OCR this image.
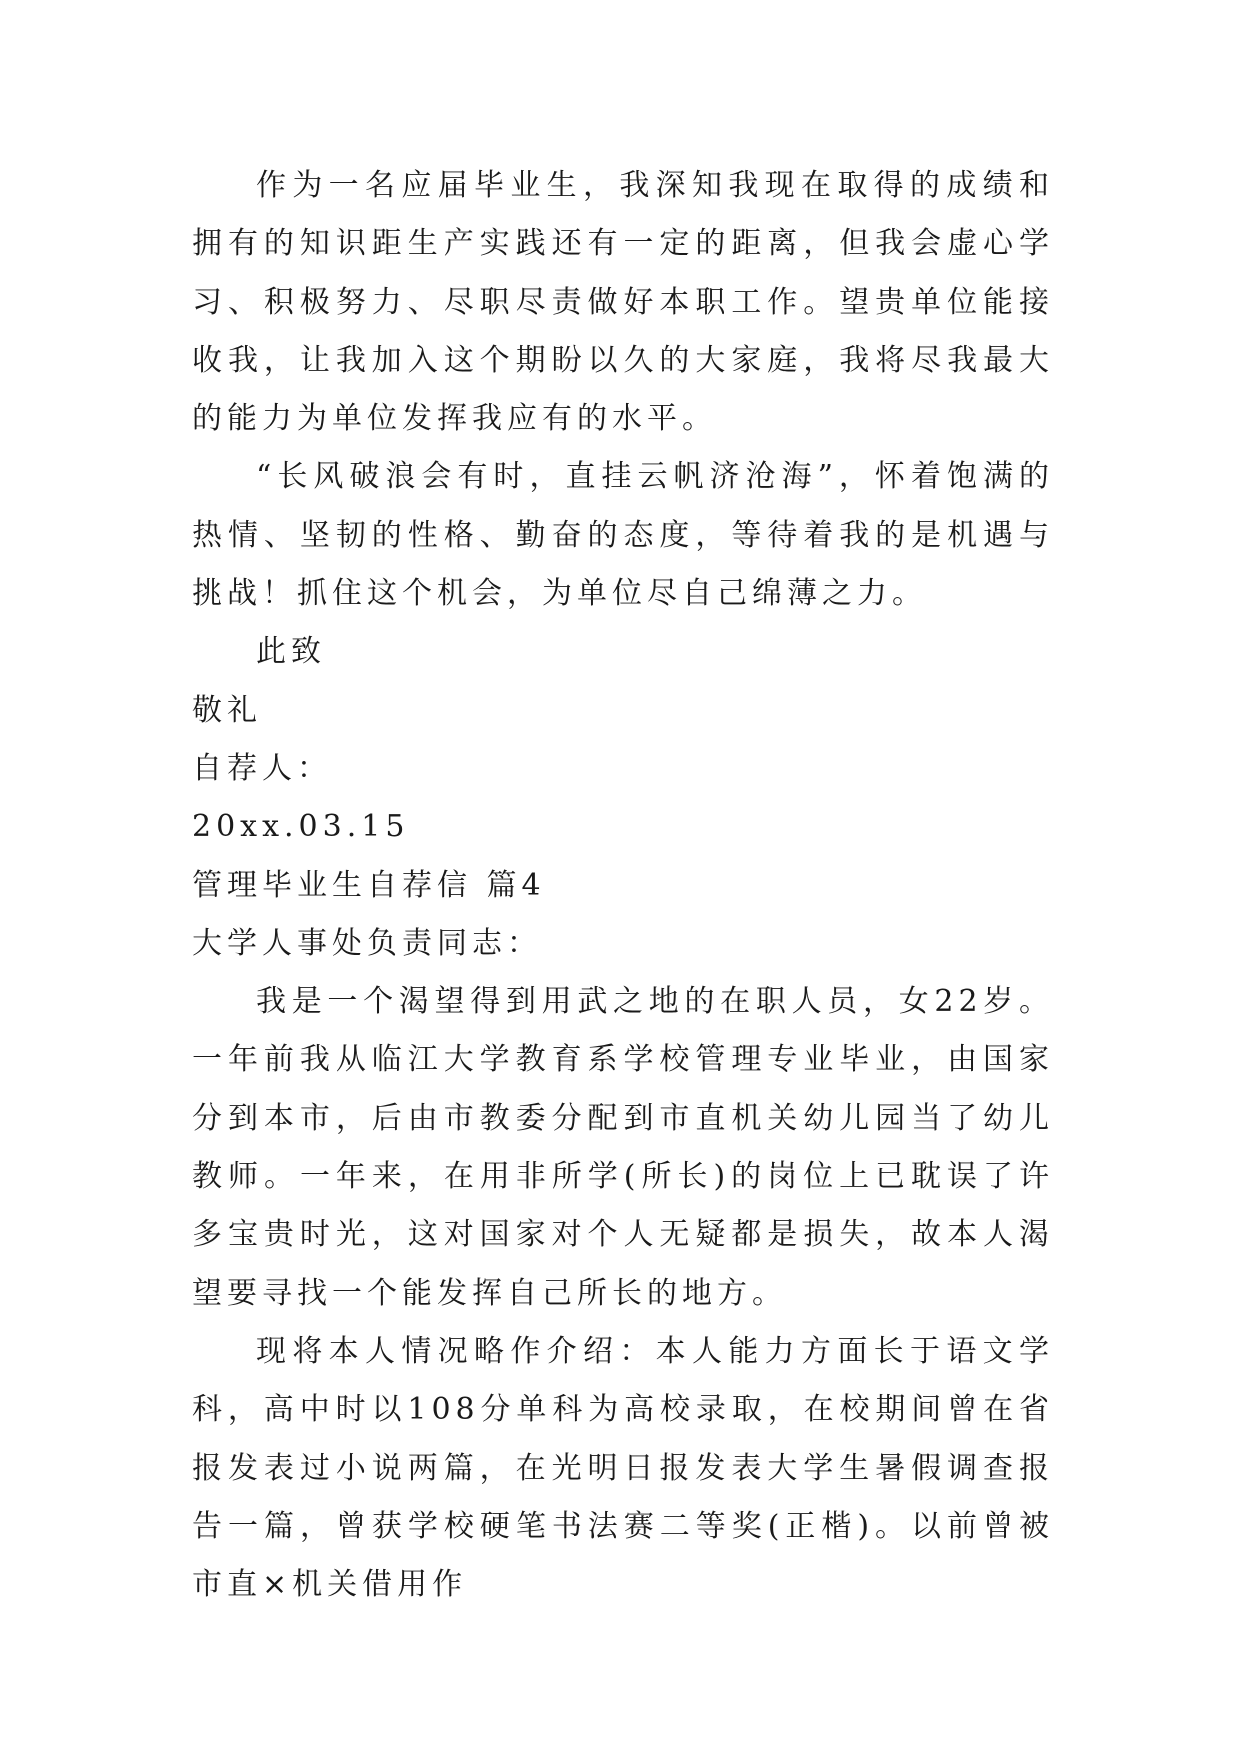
作为一名应届毕业生，我深知我现在取得的成绩和拥有的知识距生产实践还有一定的距离，但我会虚心学习、积极努力、尽职尽责做好本职工作。望贵单位能接收我，让我加入这个期盼以久的大家庭，我将尽我最大的能力为单位发挥我应有的水平。

“长风破浪会有时，直挂云帆济沧海”，怀着饱满的热情、坚韧的性格、勤奋的态度，等待着我的是机遇与挑战！抓住这个机会，为单位尽自己绵薄之力。

此致

敬礼

自荐人：

20xx.03.15

管理毕业生自荐信 篇4

大学人事处负责同志：

我是一个渴望得到用武之地的在职人员，女22岁。一年前我从临江大学教育系学校管理专业毕业，由国家分到本市，后由市教委分配到市直机关幼儿园当了幼儿教师。一年来，在用非所学(所长)的岗位上已耽误了许多宝贵时光，这对国家对个人无疑都是损失，故本人渴望要寻找一个能发挥自己所长的地方。

现将本人情况略作介绍：本人能力方面长于语文学科，高中时以108分单科为高校录取，在校期间曾在省报发表过小说两篇，在光明日报发表大学生暑假调查报告一篇，曾获学校硬笔书法赛二等奖(正楷)。以前曾被市直×机关借用作
